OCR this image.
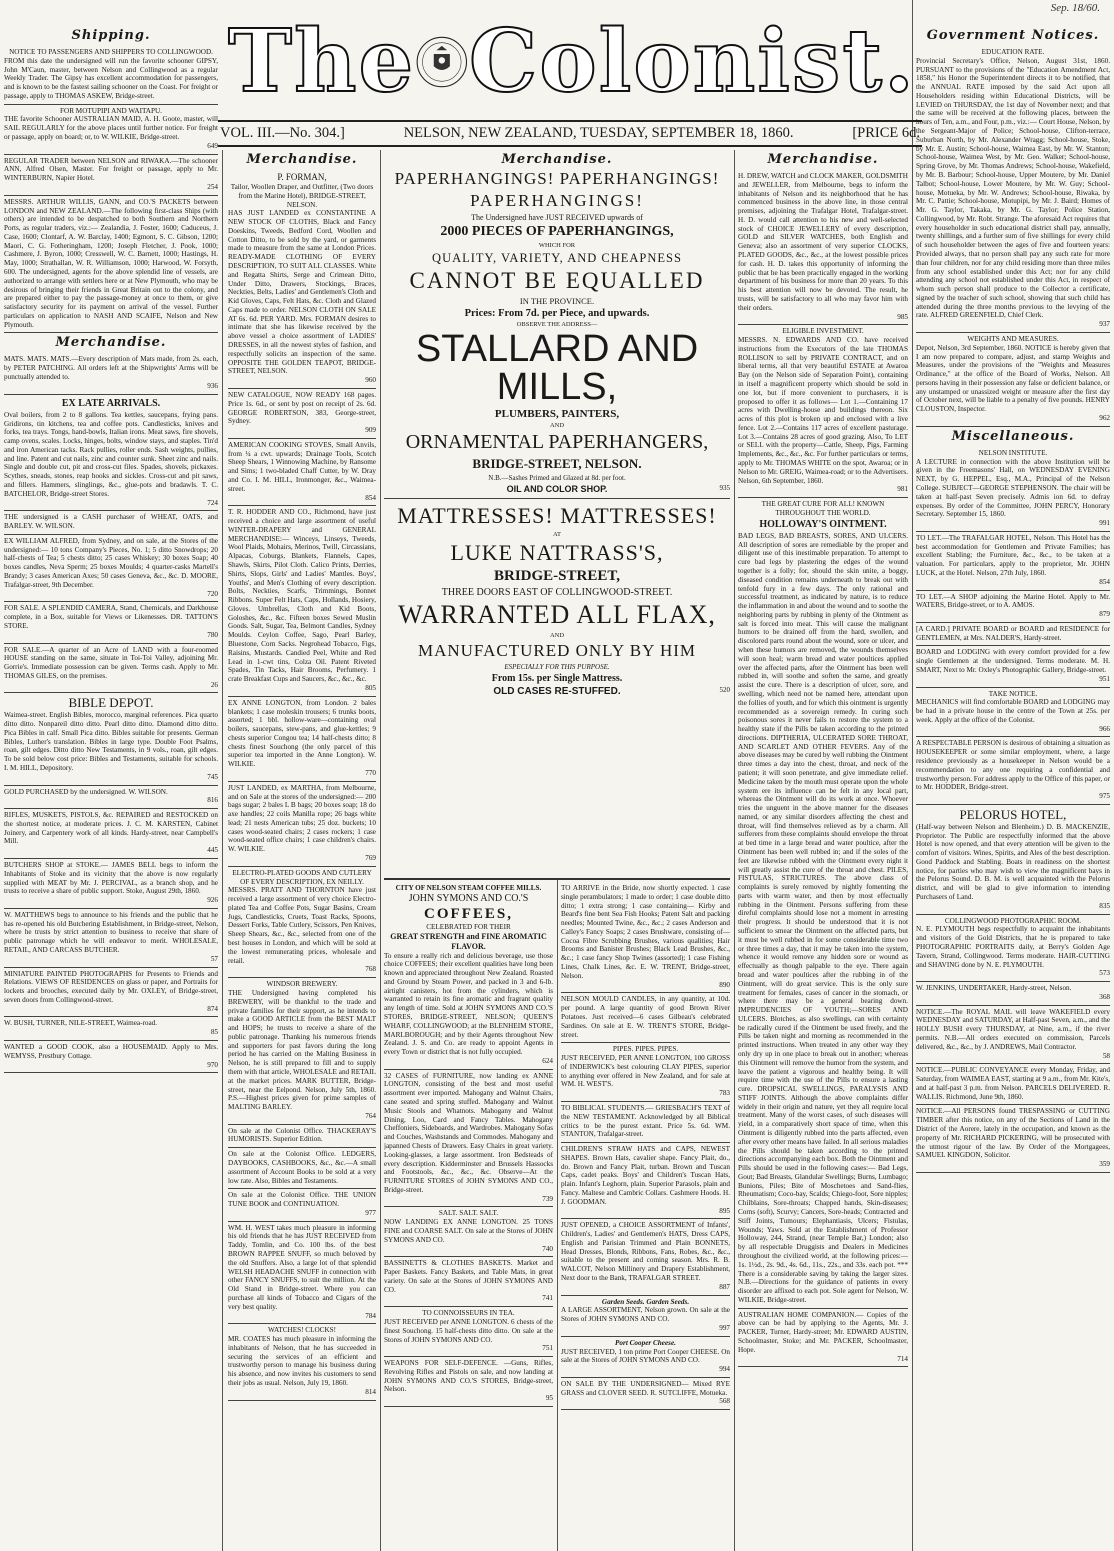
Sep. 18/60.
The Colonist.
VOL. III.—No. 304.]	NELSON, NEW ZEALAND, TUESDAY, SEPTEMBER 18, 1860.	[PRICE 6d.
Shipping.
NOTICE TO PASSENGERS AND SHIPPERS TO COLLINGWOOD.

FROM this date the undersigned will run the favorite schooner GIPSY, John M'Caun, master, between Nelson and Collingwood as a regular Weekly Trader. The Gipsy has excellent accommodation for passengers, and is known to be the fastest sailing schooner on the Coast. For freight or passage, apply to THOMAS ASKEW, Bridge-street.

FOR MOTUPIPI AND WAITAPU.

THE favorite Schooner AUSTRALIAN MAID, A. H. Goote, master, will SAIL REGULARLY for the above places until further notice. For freight or passage, apply on board; or, to W. WILKIE, Bridge-street.

649

REGULAR TRADER between NELSON and RIWAKA.—The schooner ANN, Alfred Olsen, Master. For freight or passage, apply to Mr. WINTERBURN, Napier Hotel.

254

MESSRS. ARTHUR WILLIS, GANN, and CO.'S PACKETS between LONDON and NEW ZEALAND.—The following first-class Ships (with others) are intended to be despatched to both Southern and Northern Ports, as regular traders, viz.:— Zealandia, J. Foster, 1600; Caduceus, J. Case, 1600; Clontarf, A. W. Barclay, 1400; Egmont, S. C. Gibson, 1200; Maori, C. G. Fotheringham, 1200; Joseph Fletcher, J. Pook, 1000; Cashmere, J. Byron, 1000; Cresswell, W. C. Barnett, 1000; Hastings, H. May, 1000; Strathallan, W. R. Williamson, 1000; Harwood, W. Forsyth, 600. The undersigned, agents for the above splendid line of vessels, are authorized to arrange with settlers here or at New Plymouth, who may be desirous of bringing their friends in Great Britain out to the colony, and are prepared either to pay the passage-money at once to them, or give satisfactory security for its payment on arrival of the vessel. Further particulars on application to NASH AND SCAIFE, Nelson and New Plymouth.

Merchandise.

MATS. MATS. MATS.—Every description of Mats made, from 2s. each, by PETER PATCHING. All orders left at the Shipwrights' Arms will be punctually attended to.

936
EX LATE ARRIVALS.

Oval boilers, from 2 to 8 gallons. Tea kettles, saucepans, frying pans. Gridirons, tin kitchens, tea and coffee pots. Candlesticks, knives and forks, tea trays. Tongs, hand-bowls, Italian irons. Meat saws, fire shovels, camp ovens, scales. Locks, hinges, bolts, window stays, and staples. Tin'd and iron American tacks. Rack pullies, roller ends. Sash weights, pullies, and line. Patent and cut nails, zinc and counter sunk. Sheet zinc and nails. Single and double cut, pit and cross-cut files. Spades, shovels, pickaxes. Scythes, sneads, stones, reap hooks and sickles. Cross-cut and pit saws, and fillers. Hammers, slinglings, &c., glue-pots and bradawls. T. C. BATCHELOR, Bridge-street Stores.

724

THE undersigned is a CASH purchaser of WHEAT, OATS, and BARLEY. W. WILSON.

EX WILLIAM ALFRED, from Sydney, and on sale, at the Stores of the undersigned:— 10 tons Company's Pieces, No. 1; 5 ditto Snowdrops; 20 half-chests of Tea; 5 chests ditto; 25 cases Whiskey; 30 boxes Soap; 40 boxes candles, Neva Sperm; 25 boxes Moulds; 4 quarter-casks Martell's Brandy; 3 cases American Axes; 50 cases Geneva, &c., &c. D. MOORE, Trafalgar-street, 9th December.

720

FOR SALE. A SPLENDID CAMERA, Stand, Chemicals, and Darkhouse complete, in a Box, suitable for Views or Likenesses. DR. TATTON'S STORE.

780

FOR SALE.—A quarter of an Acre of LAND with a four-roomed HOUSE standing on the same, situate in Toi-Toi Valley, adjoining Mr. Gorrie's. Immediate possession can be given. Terms cash. Apply to Mr. THOMAS GILES, on the premises.

26
BIBLE DEPOT.

Waimea-street. English Bibles, morocco, marginal references. Pica quarto ditto ditto. Nonpareil ditto ditto. Pearl ditto ditto. Diamond ditto ditto. Pica Bibles in calf. Small Pica ditto. Bibles suitable for presents. German Bibles, Luther's translation. Bibles in large type. Double Foot Psalms, roan, gilt edges. Ditto ditto New Testaments, in 9 vols., roan, gilt edges. To be sold below cost price: Bibles and Testaments, suitable for schools. I. M. HILL, Depository.

745

GOLD PURCHASED by the undersigned. W. WILSON.

816

RIFLES, MUSKETS, PISTOLS, &c. REPAIRED and RESTOCKED on the shortest notice, at moderate prices. J. C. M. KARSTEN, Cabinet Joinery, and Carpentery work of all kinds. Hardy-street, near Campbell's Mill.

445

BUTCHERS SHOP at STOKE.— JAMES BELL begs to inform the Inhabitants of Stoke and its vicinity that the above is now regularly supplied with MEAT by Mr. J. PERCIVAL, as a branch shop, and he trusts to receive a share of public support. Stoke, August 29th, 1860.

926

W. MATTHEWS begs to announce to his friends and the public that he has re-opened his old Butchering Establishment, in Bridge-street, Nelson, where he trusts by strict attention to business to receive that share of public patronage which he will endeavor to merit. WHOLESALE, RETAIL, AND CARCASS BUTCHER.

57

MINIATURE PAINTED PHOTOGRAPHS for Presents to Friends and Relations. VIEWS OF RESIDENCES on glass or paper, and Portraits for lockets and brooches, executed daily by Mr. OXLEY, of Bridge-street, seven doors from Collingwood-street.

874

W. BUSH, TURNER, NILE-STREET, Waimea-road.

85

WANTED a GOOD COOK, also a HOUSEMAID. Apply to Mrs. WEMYSS, Prestbury Cottage.

970
Merchandise.
P. FORMAN,
Tailor, Woollen Draper, and Outfitter, (Two doors from the Marine Hotel), BRIDGE-STREET, NELSON.

HAS JUST LANDED ex CONSTANTINE A NEW STOCK OF CLOTHS, Black and Fancy Doeskins, Tweeds, Bedford Cord, Woollen and Cotton Ditto, to be sold by the yard, or garments made to measure from the same at London Prices. READY-MADE CLOTHING OF EVERY DESCRIPTION, TO SUIT ALL CLASSES. White and Regatta Shirts, Serge and Crimean Ditto, Under Ditto, Drawers, Stockings, Braces, Neckties, Belts, Ladies' and Gentlemen's Cloth and Kid Gloves, Caps, Felt Hats, &c. Cloth and Glazed Caps made to order. NELSON CLOTH ON SALE AT 6s. 6d. PER YARD. Mrs. FORMAN desires to intimate that she has likewise received by the above vessel a choice assortment of LADIES' DRESSES, in all the newest styles of fashion, and respectfully solicits an inspection of the same. OPPOSITE THE GOLDEN TEAPOT, BRIDGE-STREET, NELSON.

960

NEW CATALOGUE, NOW READY 168 pages. Price 1s. 6d., or sent by post on receipt of 2s. 6d. GEORGE ROBERTSON, 383, George-street, Sydney.

909

AMERICAN COOKING STOVES, Small Anvils, from ¼ a cwt. upwards; Drainage Tools, Scotch Sheep Shears, 1 Winnowing Machine, by Ransome and Sims; 1 two-bladed Chaff Cutter, by W. Dray and Co. I. M. HILL, Ironmonger, &c., Waimea-street.

854

T. R. HODDER AND CO., Richmond, have just received a choice and large assortment of useful WINTER-DRAPERY and GENERAL MERCHANDISE:— Winceys, Linseys, Tweeds, Wool Plaids, Mohairs, Merinos, Twill, Circassians, Alpacas, Coburgs, Blankets, Flannels, Capes, Shawls, Skirts, Pilot Cloth. Calico Prints, Derries, Shirts, Slops, Girls' and Ladies' Mantles. Boys', Youths', and Men's Clothing of every description. Bolts, Neckties, Scarfs, Trimmings, Bonnet Ribbons. Super Felt Hats, Caps, Hollands, Hosiery, Gloves. Umbrellas, Cloth and Kid Boots, Goloshes, &c., &c. Fifteen boxes Sewed Muslin Goods. Salt, Sugar, Tea, Belmont Candles, Sydney Moulds. Ceylon Coffee, Sago, Pearl Barley, Bluestone, Corn Sacks. Negrohead Tobacco, Figs, Raisins, Mustards. Candied Peel, White and Red Lead in 1-cwt tins, Colza Oil. Patent Riveted Spades, Tin Tacks, Hair Brooms, Perfumery. 1 crate Breakfast Cups and Saucers, &c., &c., &c.

805

EX ANNE LONGTON, from London. 2 bales blankets; 1 case moleskin trousers; 6 trunks boots, assorted; 1 bbl. hollow-ware—containing oval boilers, saucepans, stew-pans, and glue-kettles; 9 chests superior Congou tea; 14 half-chests ditto; 8 chests finest Souchong (the only parcel of this superior tea imported in the Anne Longton). W. WILKIE.

770

JUST LANDED, ex MARTHA, from Melbourne, and on Sale at the stores of the undersigned:— 200 bags sugar; 2 bales L B bags; 20 boxes soap; 18 do axe handles; 22 coils Manilla rope; 26 bags white lead; 21 nests American tubs; 25 doz. buckets; 10 cases wood-seated chairs; 2 cases rockers; 1 case wood-seated office chairs; 1 case children's chairs. W. WILKIE.

769
ELECTRO-PLATED GOODS AND CUTLERY OF EVERY DESCRIPTION, EX NEILLY.

MESSRS. PRATT AND THORNTON have just received a large assortment of very choice Electro-plated Tea and Coffee Pots, Sugar Basins, Cream Jugs, Candlesticks, Cruets, Toast Racks, Spoons, Dessert Forks, Table Cutlery, Scissors, Pen Knives, Sheep Shears, &c., &c., selected from one of the best houses in London, and which will be sold at the lowest remunerating prices, wholesale and retail.

768
WINDSOR BREWERY.

THE Undersigned having completed his BREWERY, will be thankful to the trade and private families for their support, as he intends to make a GOOD ARTICLE from the BEST MALT and HOPS; he trusts to receive a share of the public patronage. Thanking his numerous friends and supporters for past favors during the long period he has carried on the Malting Business in Nelson, he is still prepared to fill and to supply them with that article, WHOLESALE and RETAIL at the market prices. MARK BUTTER, Bridge-street, near the Eelpond. Nelson, July 5th, 1860. P.S.—Highest prices given for prime samples of MALTING BARLEY.

764

On sale at the Colonist Office. THACKERAY'S HUMORISTS. Superior Edition.

On sale at the Colonist Office. LEDGERS, DAYBOOKS, CASHBOOKS, &c., &c.—A small assortment of Account Books to be sold at a very low rate. Also, Bibles and Testaments.

On sale at the Colonist Office. THE UNION TUNE BOOK and CONTINUATION.

977

WM. H. WEST takes much pleasure in informing his old friends that he has JUST RECEIVED from Taddy, Tomlin, and Co. 100 lbs. of the best BROWN RAPPEE SNUFF, so much beloved by the old Snuffers. Also, a large lot of that splendid WELSH HEADACHE SNUFF in connection with other FANCY SNUFFS, to suit the million. At the Old Stand in Bridge-street. Where you can purchase all kinds of Tobacco and Cigars of the very best quality.

784
WATCHES! CLOCKS!

MR. COATES has much pleasure in informing the inhabitants of Nelson, that he has succeeded in securing the services of an efficient and trustworthy person to manage his business during his absence, and now invites his customers to send their jobs as usual. Nelson, July 19, 1860.

814
Merchandise.
PAPERHANGINGS! PAPERHANGINGS!
PAPERHANGINGS!
The Undersigned have JUST RECEIVED upwards of
2000 PIECES OF PAPERHANGINGS,
WHICH FOR
QUALITY, VARIETY, AND CHEAPNESS
CANNOT BE EQUALLED
IN THE PROVINCE.
Prices: From 7d. per Piece, and upwards.
OBSERVE THE ADDRESS—
STALLARD AND MILLS,
PLUMBERS, PAINTERS,
AND
ORNAMENTAL PAPERHANGERS,
BRIDGE-STREET, NELSON.
N.B.—Sashes Primed and Glazed at 8d. per foot.
OIL AND COLOR SHOP.	935
MATTRESSES! MATTRESSES!
AT
LUKE NATTRASS'S,
BRIDGE-STREET,
THREE DOORS EAST OF COLLINGWOOD-STREET.
WARRANTED ALL FLAX,
AND
MANUFACTURED ONLY BY HIM
ESPECIALLY FOR THIS PURPOSE.
From 15s. per Single Mattress.
OLD CASES RE-STUFFED.	520
CITY OF NELSON STEAM COFFEE MILLS.
JOHN SYMONS AND CO.'S
COFFEES,
CELEBRATED FOR THEIR
GREAT STRENGTH and FINE AROMATIC FLAVOR.

To ensure a really rich and delicious beverage, use those choice COFFEES; their excellent qualities have long been known and appreciated throughout New Zealand. Roasted and Ground by Steam Power, and packed in 3 and 6-lb. airtight canisters, hot from the cylinders, which is warranted to retain its fine aromatic and fragrant quality any length of time. Sold at JOHN SYMONS AND CO.'S STORES, BRIDGE-STREET, NELSON; QUEEN'S WHARF, COLLINGWOOD; at the BLENHEIM STORE, MARLBOROUGH; and by their Agents throughout New Zealand. J. S. and Co. are ready to appoint Agents in every Town or district that is not fully occupied.

624

32 CASES of FURNITURE, now landing ex ANNE LONGTON, consisting of the best and most useful assortment ever imported. Mahogany and Walnut Chairs, cane seated and spring stuffed. Mahogany and Walnut Music Stools and Whatnots. Mahogany and Walnut Dining, Loo, Card and Fancy Tables. Mahogany Cheffoniers, Sideboards, and Wardrobes. Mahogany Sofas and Couches, Washstands and Commodes. Mahogany and japanned Chests of Drawers. Easy Chairs in great variety. Looking-glasses, a large assortment. Iron Bedsteads of every description. Kidderminster and Brussels Hassocks and Footstools, &c., &c., &c. Observe—At the FURNITURE STORES of JOHN SYMONS AND CO., Bridge-street.

739
SALT. SALT. SALT.

NOW LANDING EX ANNE LONGTON. 25 TONS FINE and COARSE SALT. On sale at the Stores of JOHN SYMONS AND CO.

740

BASSINETTS & CLOTHES BASKETS. Market and Paper Baskets. Fancy Baskets, and Table Mats, in great variety. On sale at the Stores of JOHN SYMONS AND CO.

741
TO CONNOISSEURS IN TEA.

JUST RECEIVED per ANNE LONGTON. 6 chests of the finest Souchong. 15 half-chests ditto ditto. On sale at the Stores of JOHN SYMONS AND CO.

751

WEAPONS FOR SELF-DEFENCE. —Guns, Rifles, Revolving Rifles and Pistols on sale, and now landing at JOHN SYMONS AND CO.'S STORES, Bridge-street, Nelson.

95

TO ARRIVE in the Bride, now shortly expected. 1 case single perambulators; 1 made to order; 1 case double ditto ditto; 1 extra strong; 1 case containing— Kirby and Beard's fine bent Sea Fish Hooks; Patent Salt and packing needles; Mounted Twine, &c., &c.; 2 cases Anderson and Calley's Fancy Soaps; 2 cases Brushware, consisting of— Cocoa Fibre Scrubbing Brushes, various qualities; Hair Brooms and Banister Brushes; Black Lead Brushes, &c., &c.; 1 case fancy Shop Twines (assorted); 1 case Fishing Lines, Chalk Lines, &c. E. W. TRENT, Bridge-street, Nelson.

890

NELSON MOULD CANDLES, in any quantity, at 10d. per pound. A large quantity of good Brown River Potatoes. Just received—6 cases Gilbeau's celebrated Sardines. On sale at E. W. TRENT'S STORE, Bridge-street.

PIPES. PIPES. PIPES.

JUST RECEIVED, PER ANNE LONGTON, 100 GROSS of INDERWICK's best colouring CLAY PIPES, superior to anything ever offered in New Zealand, and for sale at WM. H. WEST'S.

783

TO BIBLICAL STUDENTS.— GRIESBACH'S TEXT of the NEW TESTAMENT. Acknowledged by all Biblical critics to be the purest extant. Price 5s. 6d. WM. STANTON, Trafalgar-street.

CHILDREN'S STRAW HATS and CAPS, NEWEST SHAPES. Brown Hats, cavalier shape. Fancy Plait, do., do. Brown and Fancy Plait, turban. Brown and Tuscan Caps, cadet peaks. Boys' and Children's Tuscan Hats, plain. Infant's Leghorn, plain. Superior Parasols, plain and Fancy. Maltese and Cambric Collars. Cashmere Hoods. H. J. GOODMAN.

895

JUST OPENED, a CHOICE ASSORTMENT of Infants', Children's, Ladies' and Gentlemen's HATS, Dress CAPS, English and Parisian Trimmed and Plain BONNETS, Head Dresses, Blonds, Ribbons, Fans, Robes, &c., &c., suitable to the present and coming season. Mrs. R. B. WALCOT, Nelson Millinery and Drapery Establishment, Next door to the Bank, TRAFALGAR STREET.

887
Garden Seeds. Garden Seeds.

A LARGE ASSORTMENT, Nelson grown. On sale at the Stores of JOHN SYMONS AND CO.

997
Port Cooper Cheese.

JUST RECEIVED, 1 ton prime Port Cooper CHEESE. On sale at the Stores of JOHN SYMONS AND CO.

994

ON SALE BY THE UNDERSIGNED— Mixed RYE GRASS and CLOVER SEED. R. SUTCLIFFE, Motueka.

568
Merchandise.

H. DREW, WATCH and CLOCK MAKER, GOLDSMITH and JEWELLER, from Melbourne, begs to inform the inhabitants of Nelson and its neighborhood that he has commenced business in the above line, in those central premises, adjoining the Trafalgar Hotel, Trafalgar-street. H. D. would call attention to his new and well-selected stock of CHOICE JEWELLERY of every description, GOLD and SILVER WATCHES, both English and Geneva; also an assortment of very superior CLOCKS, PLATED GOODS, &c., &c., at the lowest possible prices for cash. H. D. takes this opportunity of informing the public that he has been practically engaged in the working department of his business for more than 20 years. To this his best attention will now be devoted. The result, he trusts, will be satisfactory to all who may favor him with their orders.

985
ELIGIBLE INVESTMENT.

MESSRS. N. EDWARDS AND CO. have received instructions from the Executors of the late THOMAS ROLLISON to sell by PRIVATE CONTRACT, and on liberal terms, all that very beautiful ESTATE at Awaroa Bay (on the Nelson side of Separation Point), containing in itself a magnificent property which should be sold in one lot, but if more convenient to purchasers, it is proposed to offer it as follows— Lot 1.—Containing 17 acres with Dwelling-house and buildings thereon. Six acres of this plot is broken up and enclosed with a live fence. Lot 2.—Contains 117 acres of excellent pasturage. Lot 3.—Contains 28 acres of good grazing. Also, To LET or SELL with the property—Cattle, Sheep, Pigs, Farming Implements, &c., &c., &c. For further particulars or terms, apply to Mr. THOMAS WHITE on the spot, Awaroa; or in Nelson to Mr. GREIG, Waimea-road; or to the Advertisers. Nelson, 6th September, 1860.

981
THE GREAT CURE FOR ALL! KNOWN THROUGHOUT THE WORLD.
HOLLOWAY'S OINTMENT.

BAD LEGS, BAD BREASTS, SORES, AND ULCERS. All description of sores are remediable by the proper and diligent use of this inestimable preparation. To attempt to cure bad legs by plastering the edges of the wound together is a folly; for, should the skin unite, a boggy, diseased condition remains underneath to break out with tenfold fury in a few days. The only rational and successful treatment, as indicated by nature, is to reduce the inflammation in and about the wound and to soothe the neighboring parts by rubbing in plenty of the Ointment as salt is forced into meat. This will cause the malignant humors to be drained off from the hard, swollen, and discolored parts round about the wound, sore or ulcer, and when these humors are removed, the wounds themselves will soon heal; warm bread and water poultices applied over the affected parts, after the Ointment has been well rubbed in, will soothe and soften the same, and greatly assist the cure. There is a description of ulcer, sore, and swelling, which need not be named here, attendant upon the follies of youth, and for which this ointment is urgently recommended as a sovereign remedy. In curing such poisonous sores it never fails to restore the system to a healthy state if the Pills be taken according to the printed directions. DIPTHERIA, ULCERATED SORE THROAT, AND SCARLET AND OTHER FEVERS. Any of the above diseases may be cured by well rubbing the Ointment three times a day into the chest, throat, and neck of the patient; it will soon penetrate, and give immediate relief. Medicine taken by the mouth must operate upon the whole system ere its influence can be felt in any local part, whereas the Ointment will do its work at once. Whoever tries the unguent in the above manner for the diseases named, or any similar disorders affecting the chest and throat, will find themselves relieved as by a charm. All sufferers from these complaints should envelope the throat at bed time in a large bread and water poultice, after the Ointment has been well rubbed in; and if the soles of the feet are likewise rubbed with the Ointment every night it will greatly assist the cure of the throat and chest. PILES, FISTULAS, STRICTURES. The above class of complaints is surely removed by nightly fomenting the parts with warm water, and then by most effectually rubbing in the Ointment. Persons suffering from these direful complaints should lose not a moment in arresting their progress. It should be understood that it is not sufficient to smear the Ointment on the affected parts, but it must be well rubbed in for some considerable time two or three times a day, that it may be taken into the system, whence it would remove any hidden sore or wound as effectually as though palpable to the eye. There again bread and water poultices after the rubbing in of the Ointment, will do great service. This is the only sure treatment for females, cases of cancer in the stomach, or where there may be a general bearing down. IMPRUDENCIES OF YOUTH;—SORES AND ULCERS. Blotches, as also swellings, can with certainty be radically cured if the Ointment be used freely, and the Pills be taken night and morning as recommended in the printed instructions. When treated in any other way they only dry up in one place to break out in another; whereas this Ointment will remove the humor from the system, and leave the patient a vigorous and healthy being. It will require time with the use of the Pills to ensure a lasting cure. DROPSICAL SWELLINGS, PARALYSIS AND STIFF JOINTS. Although the above complaints differ widely in their origin and nature, yet they all require local treatment. Many of the worst cases, of such diseases will yield, in a comparatively short space of time, when this Ointment is diligently rubbed into the parts affected, even after every other means have failed. In all serious maladies the Pills should be taken according to the printed directions accompanying each box. Both the Ointment and Pills should be used in the following cases:— Bad Legs, Gout; Bad Breasts, Glandular Swellings; Burns, Lumbago; Bunions, Piles; Bite of Moschetoes and Sand-flies, Rheumatism; Coco-bay, Scalds; Chiego-foot, Sore nipples; Chilblains, Sore-throats; Chapped hands, Skin-diseases; Corns (soft), Scurvy; Cancers, Sore-heads; Contracted and Stiff Joints, Tumours; Elephantiasis, Ulcers; Fistulas, Wounds; Yaws. Sold at the Establishment of Professor Holloway, 244, Strand, (near Temple Bar,) London; also by all respectable Druggists and Dealers in Medicines throughout the civilized world, at the following prices:—1s. 1½d., 2s. 9d., 4s. 6d., 11s., 22s., and 33s. each pot. *** There is a considerable saving by taking the larger sizes. N.B.—Directions for the guidance of patients in every disorder are affixed to each pot. Sole agent for Nelson, W. WILKIE, Bridge-street.

AUSTRALIAN HOME COMPANION.— Copies of the above can be had by applying to the Agents, Mr. J. PACKER, Turner, Hardy-street; Mr. EDWARD AUSTIN, Schoolmaster, Stoke; and Mr. PACKER, Schoolmaster, Hope.

714
Government Notices.
EDUCATION RATE.

Provincial Secretary's Office, Nelson, August 31st, 1860. PURSUANT to the provisions of the "Education Amendment Act, 1858," his Honor the Superintendent directs it to be notified, that the ANNUAL RATE imposed by the said Act upon all Householders residing within Educational Districts, will be LEVIED on THURSDAY, the 1st day of November next; and that the same will be received at the following places, between the hours of Ten, a.m., and Four, p.m., viz.:— Court House, Nelson, by the Sergeant-Major of Police; School-house, Clifton-terrace, Suburban North, by Mr. Alexander Wragg; School-house, Stoke, by Mr. E. Austin; School-house, Waimea East, by Mr. W. Stanton; School-house, Waimea West, by Mr. Geo. Walker; School-house, Spring Grove, by Mr. Thomas Andrews; School-house, Wakefield, by Mr. B. Barbour; School-house, Upper Moutere, by Mr. Daniel Talbot; School-house, Lower Moutere, by Mr. W. Guy; School-house, Motueka, by Mr. W. Andrews; School-house, Riwaka, by Mr. C. Pattie; School-house, Motupipi, by Mr. J. Baird; Homes of Mr. G. Taylor, Takaka, by Mr. G. Taylor; Police Station, Collingwood, by Mr. Robt. Strange. The aforesaid Act requires that every householder in such educational district shall pay, annually, twenty shillings, and a further sum of five shillings for every child of such householder between the ages of five and fourteen years: Provided always, that no person shall pay any such rate for more than four children, nor for any child residing more than three miles from any school established under this Act; nor for any child attending any school not established under this Act, in respect of whom such person shall produce to the Collector a certificate, signed by the teacher of such school, showing that such child has attended during the three months previous to the levying of the rate. ALFRED GREENFIELD, Chief Clerk.

937
WEIGHTS AND MEASURES.

Depot, Nelson, 3rd September, 1860. NOTICE is hereby given that I am now prepared to compare, adjust, and stamp Weights and Measures, under the provisions of the "Weights and Measures Ordinance," at the office of the Board of Works, Nelson. All persons having in their possession any false or deficient balance, or any unstamped or unassized weight or measure after the first day of October next, will be liable to a penalty of five pounds. HENRY CLOUSTON, Inspector.

962
Miscellaneous.
NELSON INSTITUTE.

A LECTURE in connection with the above Institution will be given in the Freemasons' Hall, on WEDNESDAY EVENING NEXT, by G. HEPPEL, Esq., M.A., Principal of the Nelson College. SUBJECT—GEORGE STEPHENSON. The chair will be taken at half-past Seven precisely. Admis ion 6d. to defray expenses. By order of the Committee, JOHN PERCY, Honorary Secretary. September 15, 1860.

991

TO LET.—The TRAFALGAR HOTEL, Nelson. This Hotel has the best accommodation for Gentlemen and Private Families; has excellent Stabling; the Furniture, &c., &c., to be taken at a valuation. For particulars, apply to the proprietor, Mr. JOHN LUCK, at the Hotel. Nelson, 27th July, 1860.

854

TO LET.—A SHOP adjoining the Marine Hotel. Apply to Mr. WATERS, Bridge-street, or to A. AMOS.

879

[A CARD.] PRIVATE BOARD or BOARD and RESIDENCE for GENTLEMEN, at Mrs. NALDER'S, Hardy-street.

BOARD and LODGING with every comfort provided for a few single Gentlemen at the undersigned. Terms moderate. M. H. SMART, Next to Mr. Oxley's Photographic Gallery, Bridge-street.

951
TAKE NOTICE.

MECHANICS will find comfortable BOARD and LODGING may be had in a private house in the centre of the Town at 25s. per week. Apply at the office of the Colonist.

966

A RESPECTABLE PERSON is desirous of obtaining a situation as HOUSEKEEPER or some similar employment, where, a large residence previously as a housekeeper in Nelson would be a recommendation to any one requiring a confidential and trustworthy person. For address apply to the Office of this paper, or to Mr. HODDER, Bridge-street.

975
PELORUS HOTEL,

(Half-way between Nelson and Blenheim.) D. B. MACKENZIE, Proprietor. The Public are respectfully informed that the above Hotel is now opened, and that every attention will be given to the comfort of visitors. Wines, Spirits, and Ales of the best description. Good Paddock and Stabling. Boats in readiness on the shortest notice, for parties who may wish to view the magnificent bays in the Pelorus Sound. D. B. M. is well acquainted with the Pelorus district, and will be glad to give information to intending Purchasers of Land.

835
COLLINGWOOD PHOTOGRAPHIC ROOM.

N. E. PLYMOUTH begs respectfully to acquaint the inhabitants and visitors of the Gold Districts, that he is prepared to take PHOTOGRAPHIC PORTRAITS daily, at Berry's Golden Age Tavern, Strand, Collingwood. Terms moderate. HAIR-CUTTING and SHAVING done by N. E. PLYMOUTH.

573

W. JENKINS, UNDERTAKER, Hardy-street, Nelson.

368

NOTICE.—The ROYAL MAIL will leave WAKEFIELD every WEDNESDAY and SATURDAY, at Half-past Seven, a.m., and the HOLLY BUSH every THURSDAY, at Nine, a.m., if the river permits. N.B.—All orders executed on commission, Parcels delivered, &c., &c., by J. ANDREWS, Mail Contractor.

58

NOTICE.—PUBLIC CONVEYANCE every Monday, Friday, and Saturday, from WAIMEA EAST, starting at 9 a.m., from Mr. Kite's, and at half-past 3 p.m. from Nelson. PARCELS DELIVERED. R. WALLIS. Richmond, June 9th, 1860.

NOTICE.—All PERSONS found TRESPASSING or CUTTING TIMBER after this notice, on any of the Sections of Land in the District of the Aorere, lately in the occupation, and known as the property of Mr. RICHARD PICKERING, will be prosecuted with the utmost rigour of the law. By Order of the Mortgagees, SAMUEL KINGDON, Solicitor.

359
